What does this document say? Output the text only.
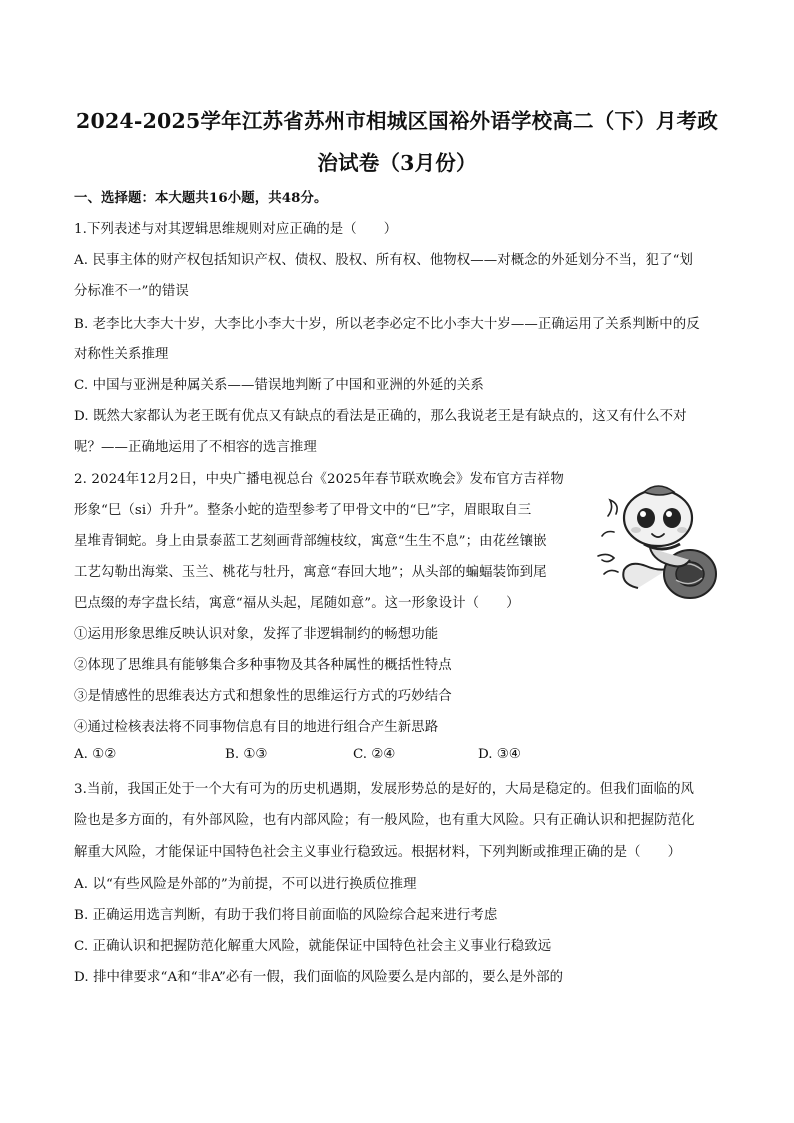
2024-2025学年江苏省苏州市相城区国裕外语学校高二（下）月考政
治试卷（3月份）
一、选择题：本大题共16小题，共48分。
1.下列表述与对其逻辑思维规则对应正确的是（　　）
A. 民事主体的财产权包括知识产权、债权、股权、所有权、他物权——对概念的外延划分不当，犯了“划
分标准不一”的错误
B. 老李比大李大十岁，大李比小李大十岁，所以老李必定不比小李大十岁——正确运用了关系判断中的反
对称性关系推理
C. 中国与亚洲是种属关系——错误地判断了中国和亚洲的外延的关系
D. 既然大家都认为老王既有优点又有缺点的看法是正确的，那么我说老王是有缺点的，这又有什么不对
呢？——正确地运用了不相容的选言推理
2. 2024年12月2日，中央广播电视总台《2025年春节联欢晚会》发布官方吉祥物
形象“巳（si）升升”。整条小蛇的造型参考了甲骨文中的“巳”字，眉眼取自三
星堆青铜蛇。身上由景泰蓝工艺刻画背部缠枝纹，寓意“生生不息”；由花丝镶嵌
工艺勾勒出海棠、玉兰、桃花与牡丹，寓意“春回大地”；从头部的蝙蝠装饰到尾
巴点缀的寿字盘长结，寓意“福从头起，尾随如意”。这一形象设计（　　）
①运用形象思维反映认识对象，发挥了非逻辑制约的畅想功能
②体现了思维具有能够集合多种事物及其各种属性的概括性特点
③是情感性的思维表达方式和想象性的思维运行方式的巧妙结合
④通过检核表法将不同事物信息有目的地进行组合产生新思路
A. ①②	B. ①③	C. ②④	D. ③④
3.当前，我国正处于一个大有可为的历史机遇期，发展形势总的是好的，大局是稳定的。但我们面临的风
险也是多方面的，有外部风险，也有内部风险；有一般风险，也有重大风险。只有正确认识和把握防范化
解重大风险，才能保证中国特色社会主义事业行稳致远。根据材料，下列判断或推理正确的是（　　）
A. 以“有些风险是外部的”为前提，不可以进行换质位推理
B. 正确运用选言判断，有助于我们将目前面临的风险综合起来进行考虑
C. 正确认识和把握防范化解重大风险，就能保证中国特色社会主义事业行稳致远
D. 排中律要求“A和“非A”必有一假，我们面临的风险要么是内部的，要么是外部的
